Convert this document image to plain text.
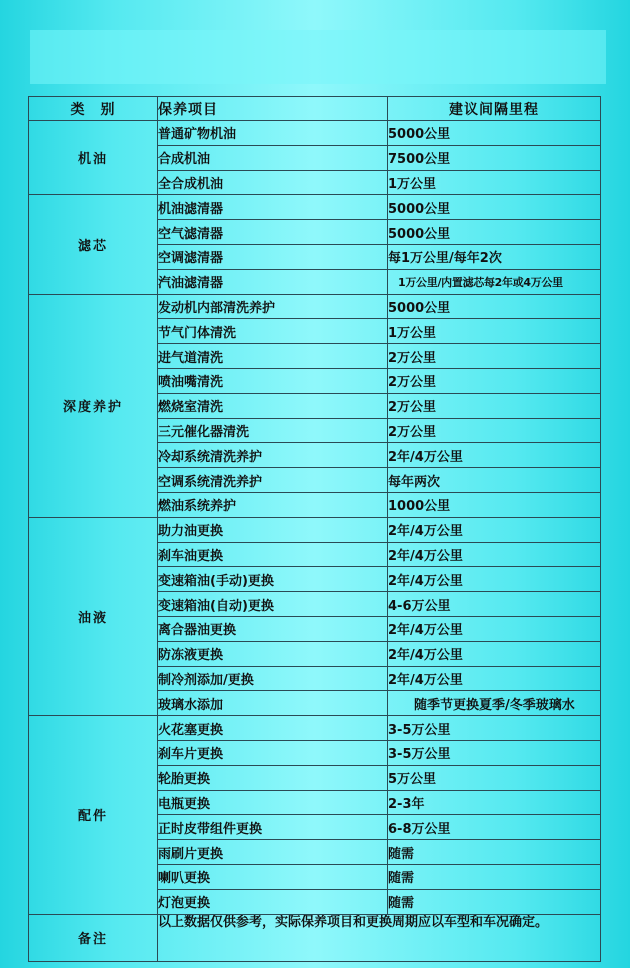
类　别	保养项目	建议间隔里程
机油	普通矿物机油	5000公里
	合成机油	7500公里
	全合成机油	1万公里
滤芯	机油滤清器	5000公里
	空气滤清器	5000公里
	空调滤清器	每1万公里/每年2次
	汽油滤清器	1万公里/内置滤芯每2年或4万公里
深度养护	发动机内部清洗养护	5000公里
	节气门体清洗	1万公里
	进气道清洗	2万公里
	喷油嘴清洗	2万公里
	燃烧室清洗	2万公里
	三元催化器清洗	2万公里
	冷却系统清洗养护	2年/4万公里
	空调系统清洗养护	每年两次
	燃油系统养护	1000公里
油液	助力油更换	2年/4万公里
	刹车油更换	2年/4万公里
	变速箱油(手动)更换	2年/4万公里
	变速箱油(自动)更换	4-6万公里
	离合器油更换	2年/4万公里
	防冻液更换	2年/4万公里
	制冷剂添加/更换	2年/4万公里
	玻璃水添加	随季节更换夏季/冬季玻璃水
配件	火花塞更换	3-5万公里
	刹车片更换	3-5万公里
	轮胎更换	5万公里
	电瓶更换	2-3年
	正时皮带组件更换	6-8万公里
	雨刷片更换	随需
	喇叭更换	随需
	灯泡更换	随需
备注	以上数据仅供参考，实际保养项目和更换周期应以车型和车况确定。	
